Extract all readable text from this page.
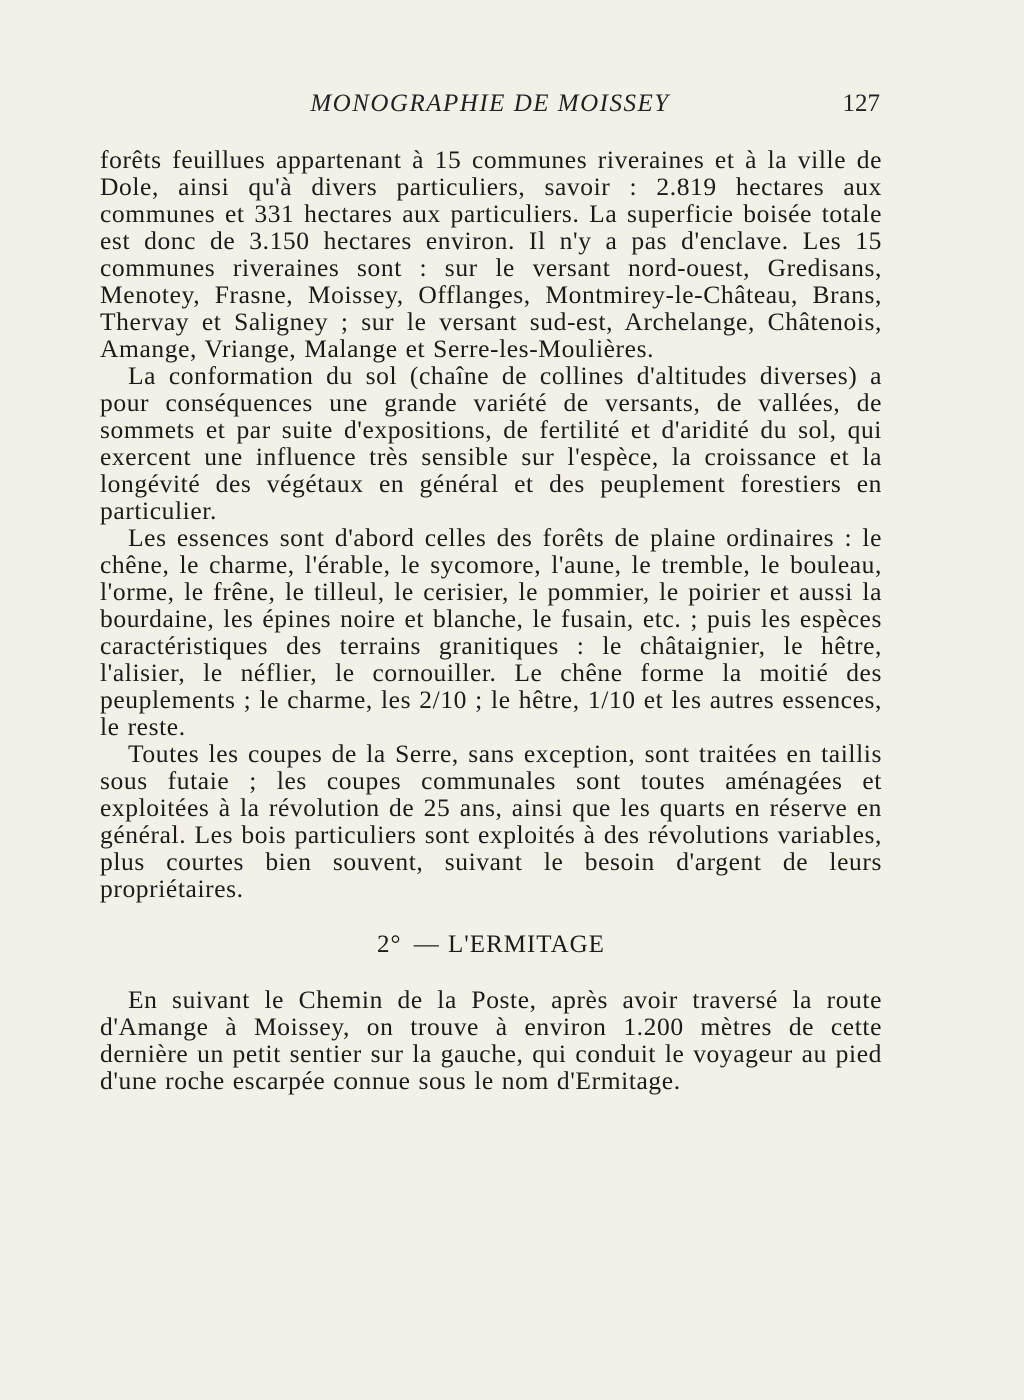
MONOGRAPHIE DE MOISSEY	127

forêts feuillues appartenant à 15 communes riveraines et à la ville de Dole, ainsi qu'à divers particuliers, savoir : 2.819 hectares aux communes et 331 hectares aux particuliers. La superficie boisée totale est donc de 3.150 hectares environ. Il n'y a pas d'enclave. Les 15 communes riveraines sont : sur le versant nord-ouest, Gredisans, Menotey, Frasne, Moissey, Offlanges, Montmirey-le-Château, Brans, Thervay et Saligney ; sur le versant sud-est, Archelange, Châtenois, Amange, Vriange, Malange et Serre-les-Moulières.

La conformation du sol (chaîne de collines d'altitudes diverses) a pour conséquences une grande variété de versants, de vallées, de sommets et par suite d'expositions, de fertilité et d'aridité du sol, qui exercent une influence très sensible sur l'espèce, la croissance et la longévité des végétaux en général et des peuplement forestiers en particulier.

Les essences sont d'abord celles des forêts de plaine ordinaires : le chêne, le charme, l'érable, le sycomore, l'aune, le tremble, le bouleau, l'orme, le frêne, le tilleul, le cerisier, le pommier, le poirier et aussi la bourdaine, les épines noire et blanche, le fusain, etc. ; puis les espèces caractéristiques des terrains granitiques : le châtaignier, le hêtre, l'alisier, le néflier, le cornouiller. Le chêne forme la moitié des peuplements ; le charme, les 2/10 ; le hêtre, 1/10 et les autres essences, le reste.

Toutes les coupes de la Serre, sans exception, sont traitées en taillis sous futaie ; les coupes communales sont toutes aménagées et exploitées à la révolution de 25 ans, ainsi que les quarts en réserve en général. Les bois particuliers sont exploités à des révolutions variables, plus courtes bien souvent, suivant le besoin d'argent de leurs propriétaires.

2° — L'ERMITAGE

En suivant le Chemin de la Poste, après avoir traversé la route d'Amange à Moissey, on trouve à environ 1.200 mètres de cette dernière un petit sentier sur la gauche, qui conduit le voyageur au pied d'une roche escarpée connue sous le nom d'Ermitage.
